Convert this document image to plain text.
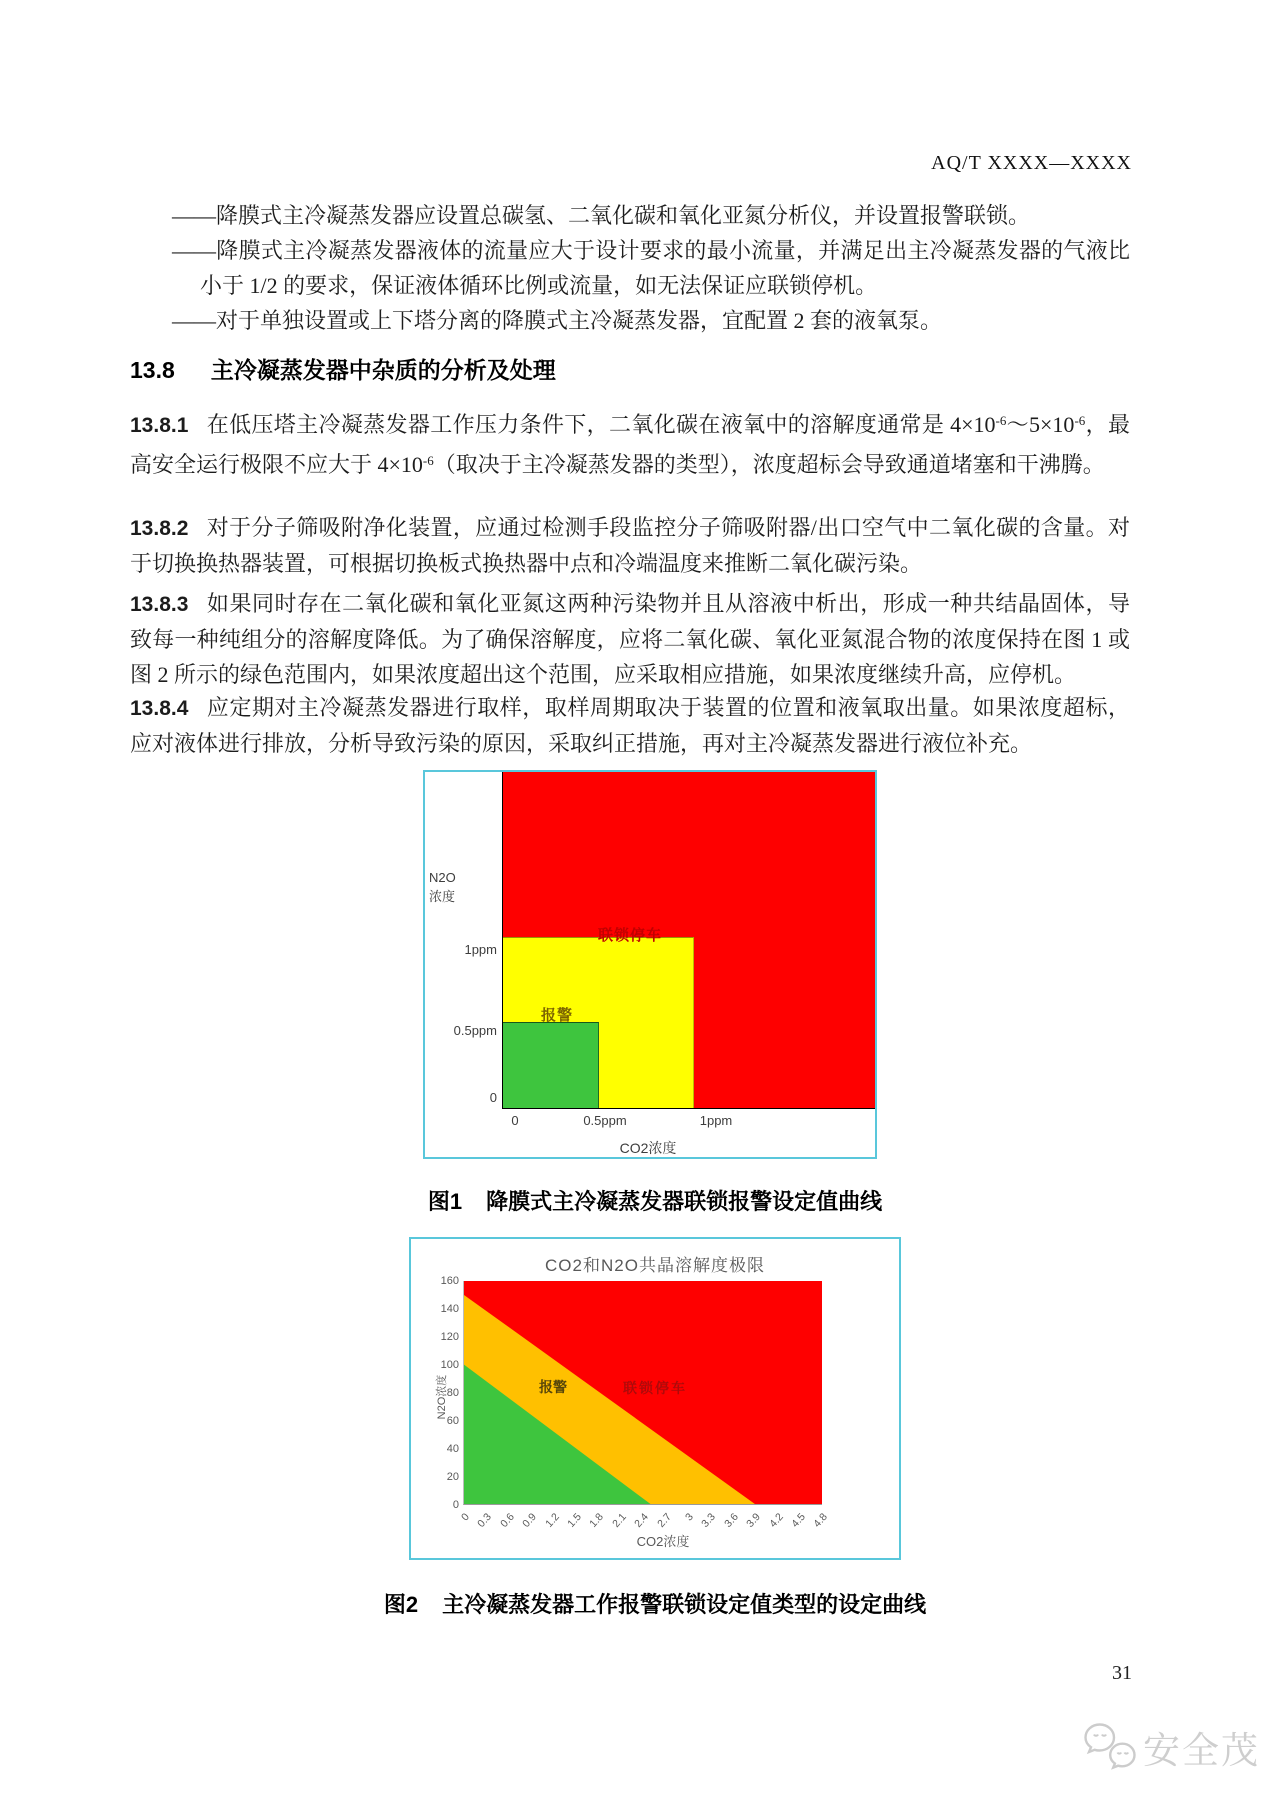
AQ/T XXXX—XXXX

——降膜式主冷凝蒸发器应设置总碳氢、二氧化碳和氧化亚氮分析仪，并设置报警联锁。

——降膜式主冷凝蒸发器液体的流量应大于设计要求的最小流量，并满足出主冷凝蒸发器的气液比小于 1/2 的要求，保证液体循环比例或流量，如无法保证应联锁停机。

——对于单独设置或上下塔分离的降膜式主冷凝蒸发器，宜配置 2 套的液氧泵。

13.8 主冷凝蒸发器中杂质的分析及处理

13.8.1 在低压塔主冷凝蒸发器工作压力条件下，二氧化碳在液氧中的溶解度通常是 $4\times 10^{-6}\sim 5\times 10^{-6}$，最高安全运行极限不应大于 $4\times 10^{-6}$（取决于主冷凝蒸发器的类型），浓度超标会导致通道堵塞和干沸腾。

13.8.2 对于分子筛吸附净化装置，应通过检测手段监控分子筛吸附器/出口空气中二氧化碳的含量。对于切换换热器装置，可根据切换板式换热器中点和冷端温度来推断二氧化碳污染。

13.8.3 如果同时存在二氧化碳和氧化亚氮这两种污染物并且从溶液中析出，形成一种共结晶固体，导致每一种纯组分的溶解度降低。为了确保溶解度，应将二氧化碳、氧化亚氮混合物的浓度保持在图 1 或图 2 所示的绿色范围内，如果浓度超出这个范围，应采取相应措施，如果浓度继续升高，应停机。

13.8.4 应定期对主冷凝蒸发器进行取样，取样周期取决于装置的位置和液氧取出量。如果浓度超标，应对液体进行排放，分析导致污染的原因，采取纠正措施，再对主冷凝蒸发器进行液位补充。

N2O
浓度
联锁停车
报警
1ppm
0.5ppm
0
0	0.5ppm	1ppm
CO2浓度
图1 降膜式主冷凝蒸发器联锁报警设定值曲线
CO2和N2O共晶溶解度极限
报警	联锁停车
160
140
120
100
80
60
40
20
0
0 0.3 0.6 0.9 1.2 1.5 1.8 2.1 2.4 2.7 3 3.3 3.6 3.9 4.2 4.5 4.8
N2O浓度
CO2浓度
图2 主冷凝蒸发器工作报警联锁设定值类型的设定曲线
31
安全茂
